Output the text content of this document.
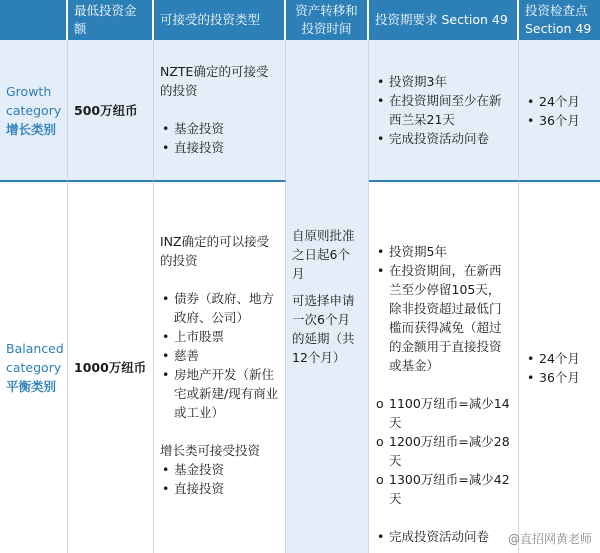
最低投资金额
可接受的投资类型
资产转移和投资时间
投资期要求 Section 49
投资检查点 Section 49
Growth category
增长类别
500万纽币
NZTE确定的可接受的投资
• 基金投资
• 直接投资

自原则批准之日起6个月

可选择申请一次6个月的延期（共12个月）

• 投资期3年
• 在投资期间至少在新西兰呆21天
• 完成投资活动问卷
• 24个月
• 36个月
Balanced category
平衡类别
1000万纽币
INZ确定的可以接受的投资
• 债券（政府、地方政府、公司）
• 上市股票
• 慈善
• 房地产开发（新住宅或新建/现有商业或工业）
增长类可接受投资
• 基金投资
• 直接投资
• 投资期5年
• 在投资期间，在新西兰至少停留105天，除非投资超过最低门槛而获得减免（超过的金额用于直接投资或基金）
o 1100万纽币=减少14天
o 1200万纽币=减少28天
o 1300万纽币=减少42天
• 完成投资活动问卷
• 24个月
• 36个月
@直招网黄老师
